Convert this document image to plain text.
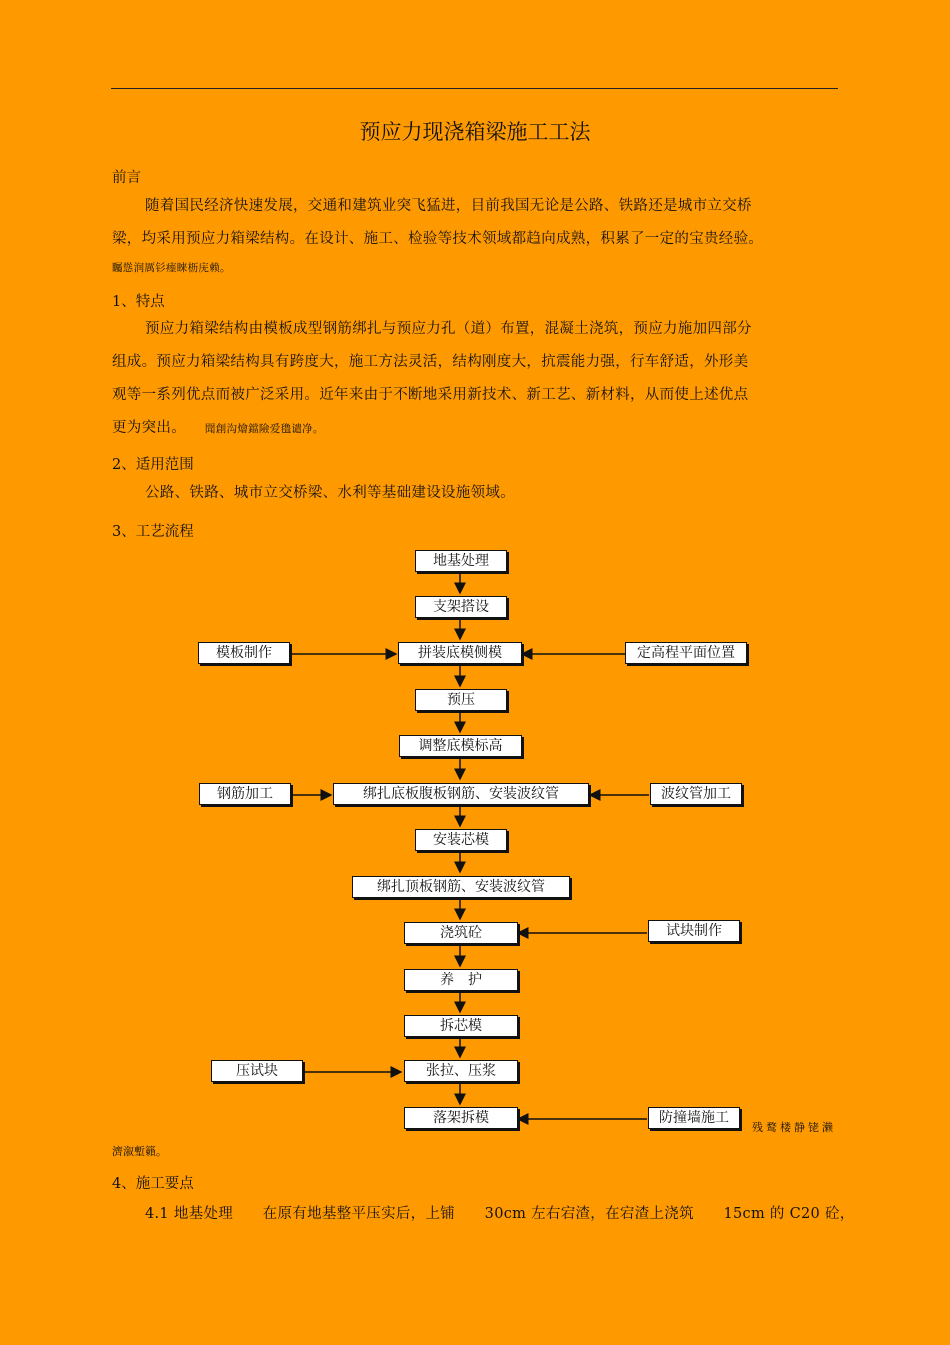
预应力现浇箱梁施工工法
前言
随着国民经济快速发展，交通和建筑业突飞猛进，目前我国无论是公路、铁路还是城市立交桥
梁，均采用预应力箱梁结构。在设计、施工、检验等技术领域都趋向成熟，积累了一定的宝贵经验。
矚慫润厲钐瘗睞枥庑赖。
1、特点
预应力箱梁结构由模板成型钢筋绑扎与预应力孔（道）布置，混凝土浇筑，预应力施加四部分
组成。预应力箱梁结构具有跨度大，施工方法灵活，结构刚度大，抗震能力强，行车舒适，外形美
观等一系列优点而被广泛采用。近年来由于不断地采用新技术、新工艺、新材料，从而使上述优点
更为突出。 聞創沟燴鐺險爱氇谴净。
2、适用范围
公路、铁路、城市立交桥梁、水利等基础建设设施领域。
3、工艺流程
地基处理
支架搭设
拼装底模侧模
模板制作	定高程平面位置
预压
调整底模标高
绑扎底板腹板钢筋、安装波纹管
钢筋加工	波纹管加工
安装芯模
绑扎顶板钢筋、安装波纹管
浇筑砼	试块制作
养　护
拆芯模
张拉、压浆
压试块
落架拆模	防撞墙施工
残鹜楼静铑濑
濟溆塹籟。
4、施工要点
4.1 地基处理　　在原有地基整平压实后，上铺　　30cm 左右宕渣，在宕渣上浇筑　　15cm 的 C20 砼，
